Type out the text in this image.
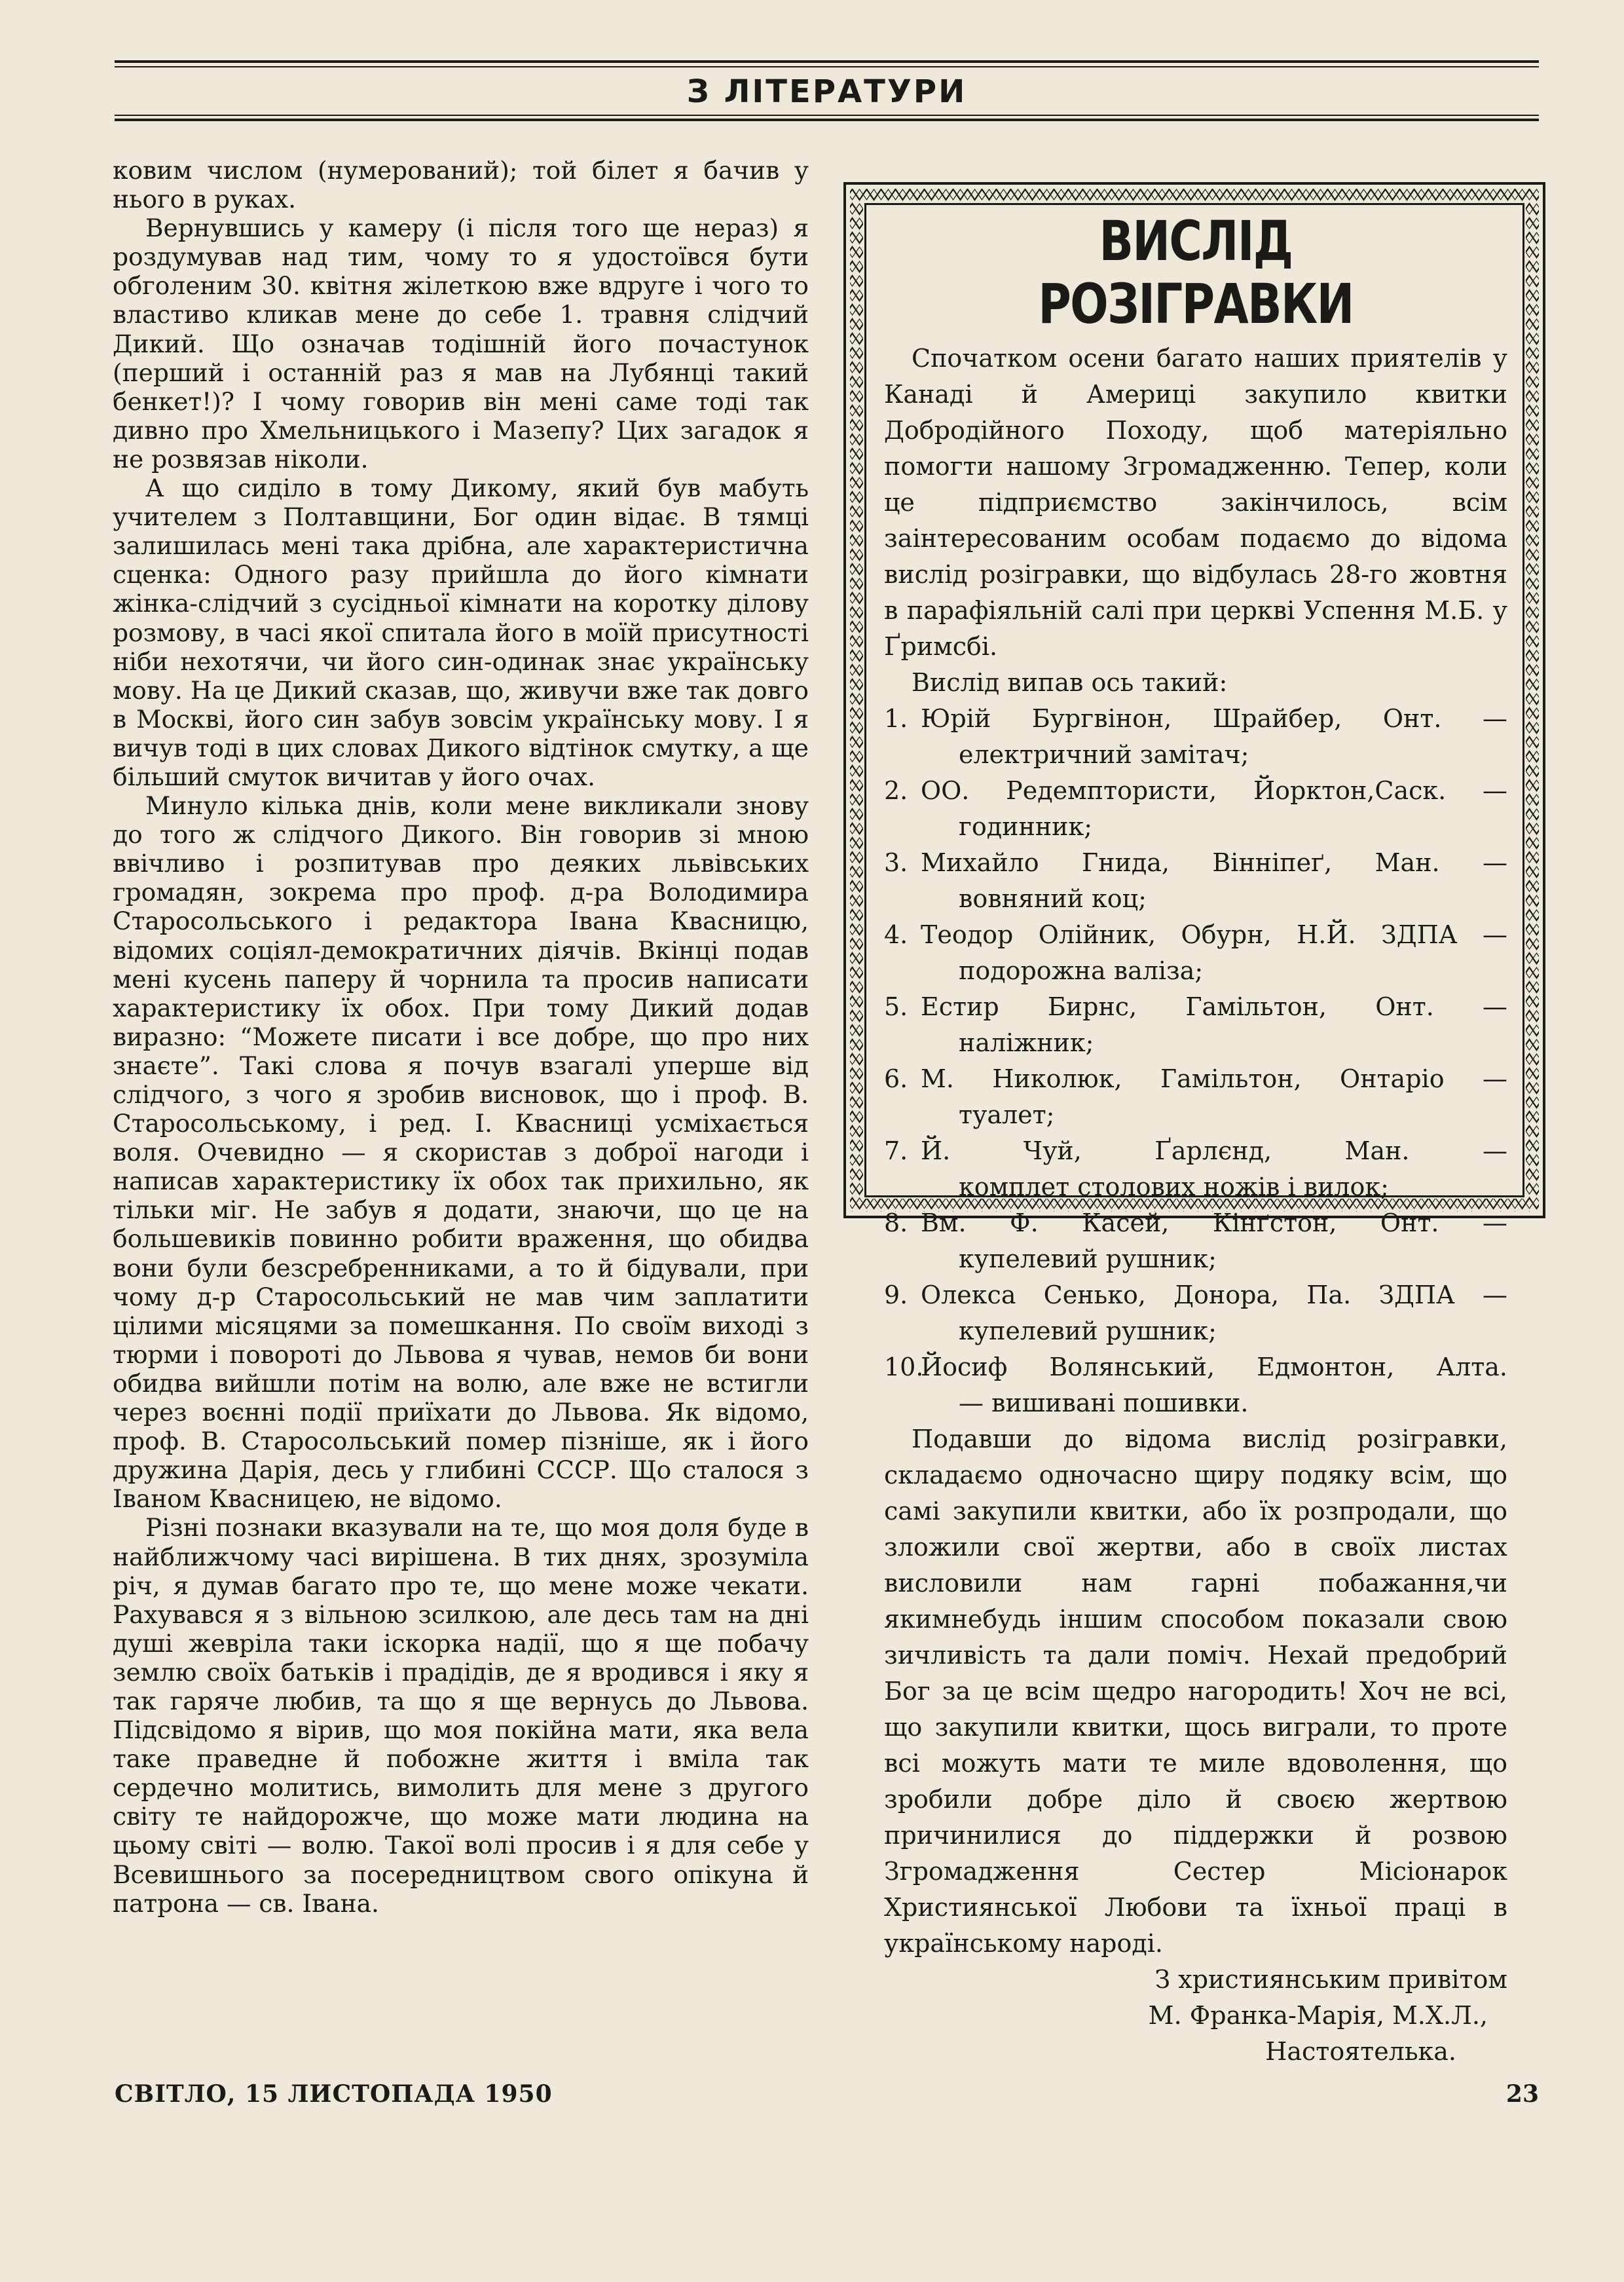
З ЛІТЕРАТУРИ

ковим числом (нумерований); той білет я бачив у нього в руках.

Вернувшись у камеру (і після того ще нераз) я роздумував над тим, чому то я удостоївся бути обголеним 30. квітня жілеткою вже вдруге і чого то властиво кликав мене до себе 1. травня слідчий Дикий. Що означав тодішній його почастунок (перший і останній раз я мав на Лубянці такий бенкет!)? І чому говорив він мені саме тоді так дивно про Хмельницького і Мазепу? Цих загадок я не розвязав ніколи.

А що сиділо в тому Дикому, який був мабуть учителем з Полтавщини, Бог один відає. В тямці залишилась мені така дрібна, але характеристична сценка: Одного разу прийшла до його кімнати жінка-слідчий з сусідньої кімнати на коротку ділову розмову, в часі якої спитала його в моїй присутності ніби нехотячи, чи його син-одинак знає українську мову. На це Дикий сказав, що, живучи вже так довго в Москві, його син забув зовсім українську мову. І я вичув тоді в цих словах Дикого відтінок смутку, а ще більший смуток вичитав у його очах.

Минуло кілька днів, коли мене викликали знову до того ж слідчого Дикого. Він говорив зі мною ввічливо і розпитував про деяких львівських громадян, зокрема про проф. д-ра Володимира Старосольського і редактора Івана Квасницю, відомих соціял-демократичних діячів. Вкінці подав мені кусень паперу й чорнила та просив написати характеристику їх обох. При тому Дикий додав виразно: “Можете писати і все добре, що про них знаєте”. Такі слова я почув взагалі уперше від слідчого, з чого я зробив висновок, що і проф. В. Старосольському, і ред. І. Квасниці усміхається воля. Очевидно — я скористав з доброї нагоди і написав характеристику їх обох так прихильно, як тільки міг. Не забув я додати, знаючи, що це на большевиків повинно робити враження, що обидва вони були безсребренниками, а то й бідували, при чому д-р Старосольський не мав чим заплатити цілими місяцями за помешкання. По своїм виході з тюрми і повороті до Львова я чував, немов би вони обидва вийшли потім на волю, але вже не встигли через воєнні події приїхати до Львова. Як відомо, проф. В. Старосольський помер пізніше, як і його дружина Дарія, десь у глибині СССР. Що сталося з Іваном Квасницею, не відомо.

Різні познаки вказували на те, що моя доля буде в найближчому часі вирішена. В тих днях, зрозуміла річ, я думав багато про те, що мене може чекати. Рахувався я з вільною зсилкою, але десь там на дні душі жевріла таки іскорка надії, що я ще побачу землю своїх батьків і прадідів, де я вродився і яку я так гаряче любив, та що я ще вернусь до Львова. Підсвідомо я вірив, що моя покійна мати, яка вела таке праведне й побожне життя і вміла так сердечно молитись, вимолить для мене з другого світу те найдорожче, що може мати людина на цьому світі — волю. Такої волі просив і я для себе у Всевишнього за посередництвом свого опікуна й патрона — св. Івана.

ВИСЛІД РОЗІГРАВКИ

Спочатком осени багато наших приятелів у Канаді й Америці закупило квитки Добродійного Походу, щоб матеріяльно помогти нашому Згромадженню. Тепер, коли це підприємство закінчилось, всім заінтересованим особам подаємо до відома вислід розігравки, що відбулась 28-го жовтня в парафіяльній салі при церкві Успення М.Б. у Ґримсбі.

Вислід випав ось такий:

1. Юрій Бургвінон, Шрайбер, Онт. —
електричний замітач;
2. ОО. Редемптористи, Йорктон,Саск. —
годинник;
3. Михайло Гнида, Вінніпеґ, Ман. —
вовняний коц;
4. Теодор Олійник, Обурн, Н.Й. ЗДПА —
подорожна валіза;
5. Естир Бирнс, Гамільтон, Онт. —
наліжник;
6. М. Николюк, Гамільтон, Онтаріо —
туалет;
7. Й. Чуй, Ґарлєнд, Ман. —
комплет столових ножів і вилок;
8. Вм. Ф. Касей, Кінґстон, Онт. —
купелевий рушник;
9. Олекса Сенько, Донора, Па. ЗДПА —
купелевий рушник;
10.
Йосиф Волянський, Едмонтон, Алта.
— вишивані пошивки.

Подавши до відома вислід розігравки, складаємо одночасно щиру подяку всім, що самі закупили квитки, або їх розпродали, що зложили свої жертви, або в своїх листах висловили нам гарні побажання,чи якимнебудь іншим способом показали свою зичливість та дали поміч. Нехай предобрий Бог за це всім щедро нагородить! Хоч не всі, що закупили квитки, щось виграли, то проте всі можуть мати те миле вдоволення, що зробили добре діло й своєю жертвою причинилися до піддержки й розвою Згромадження Сестер Місіонарок Християнської Любови та їхньої праці в українському народі.

З християнським привітом
М. Франка-Марія, М.Х.Л.,
Настоятелька.
СВІТЛО, 15 ЛИСТОПАДА 1950	23
